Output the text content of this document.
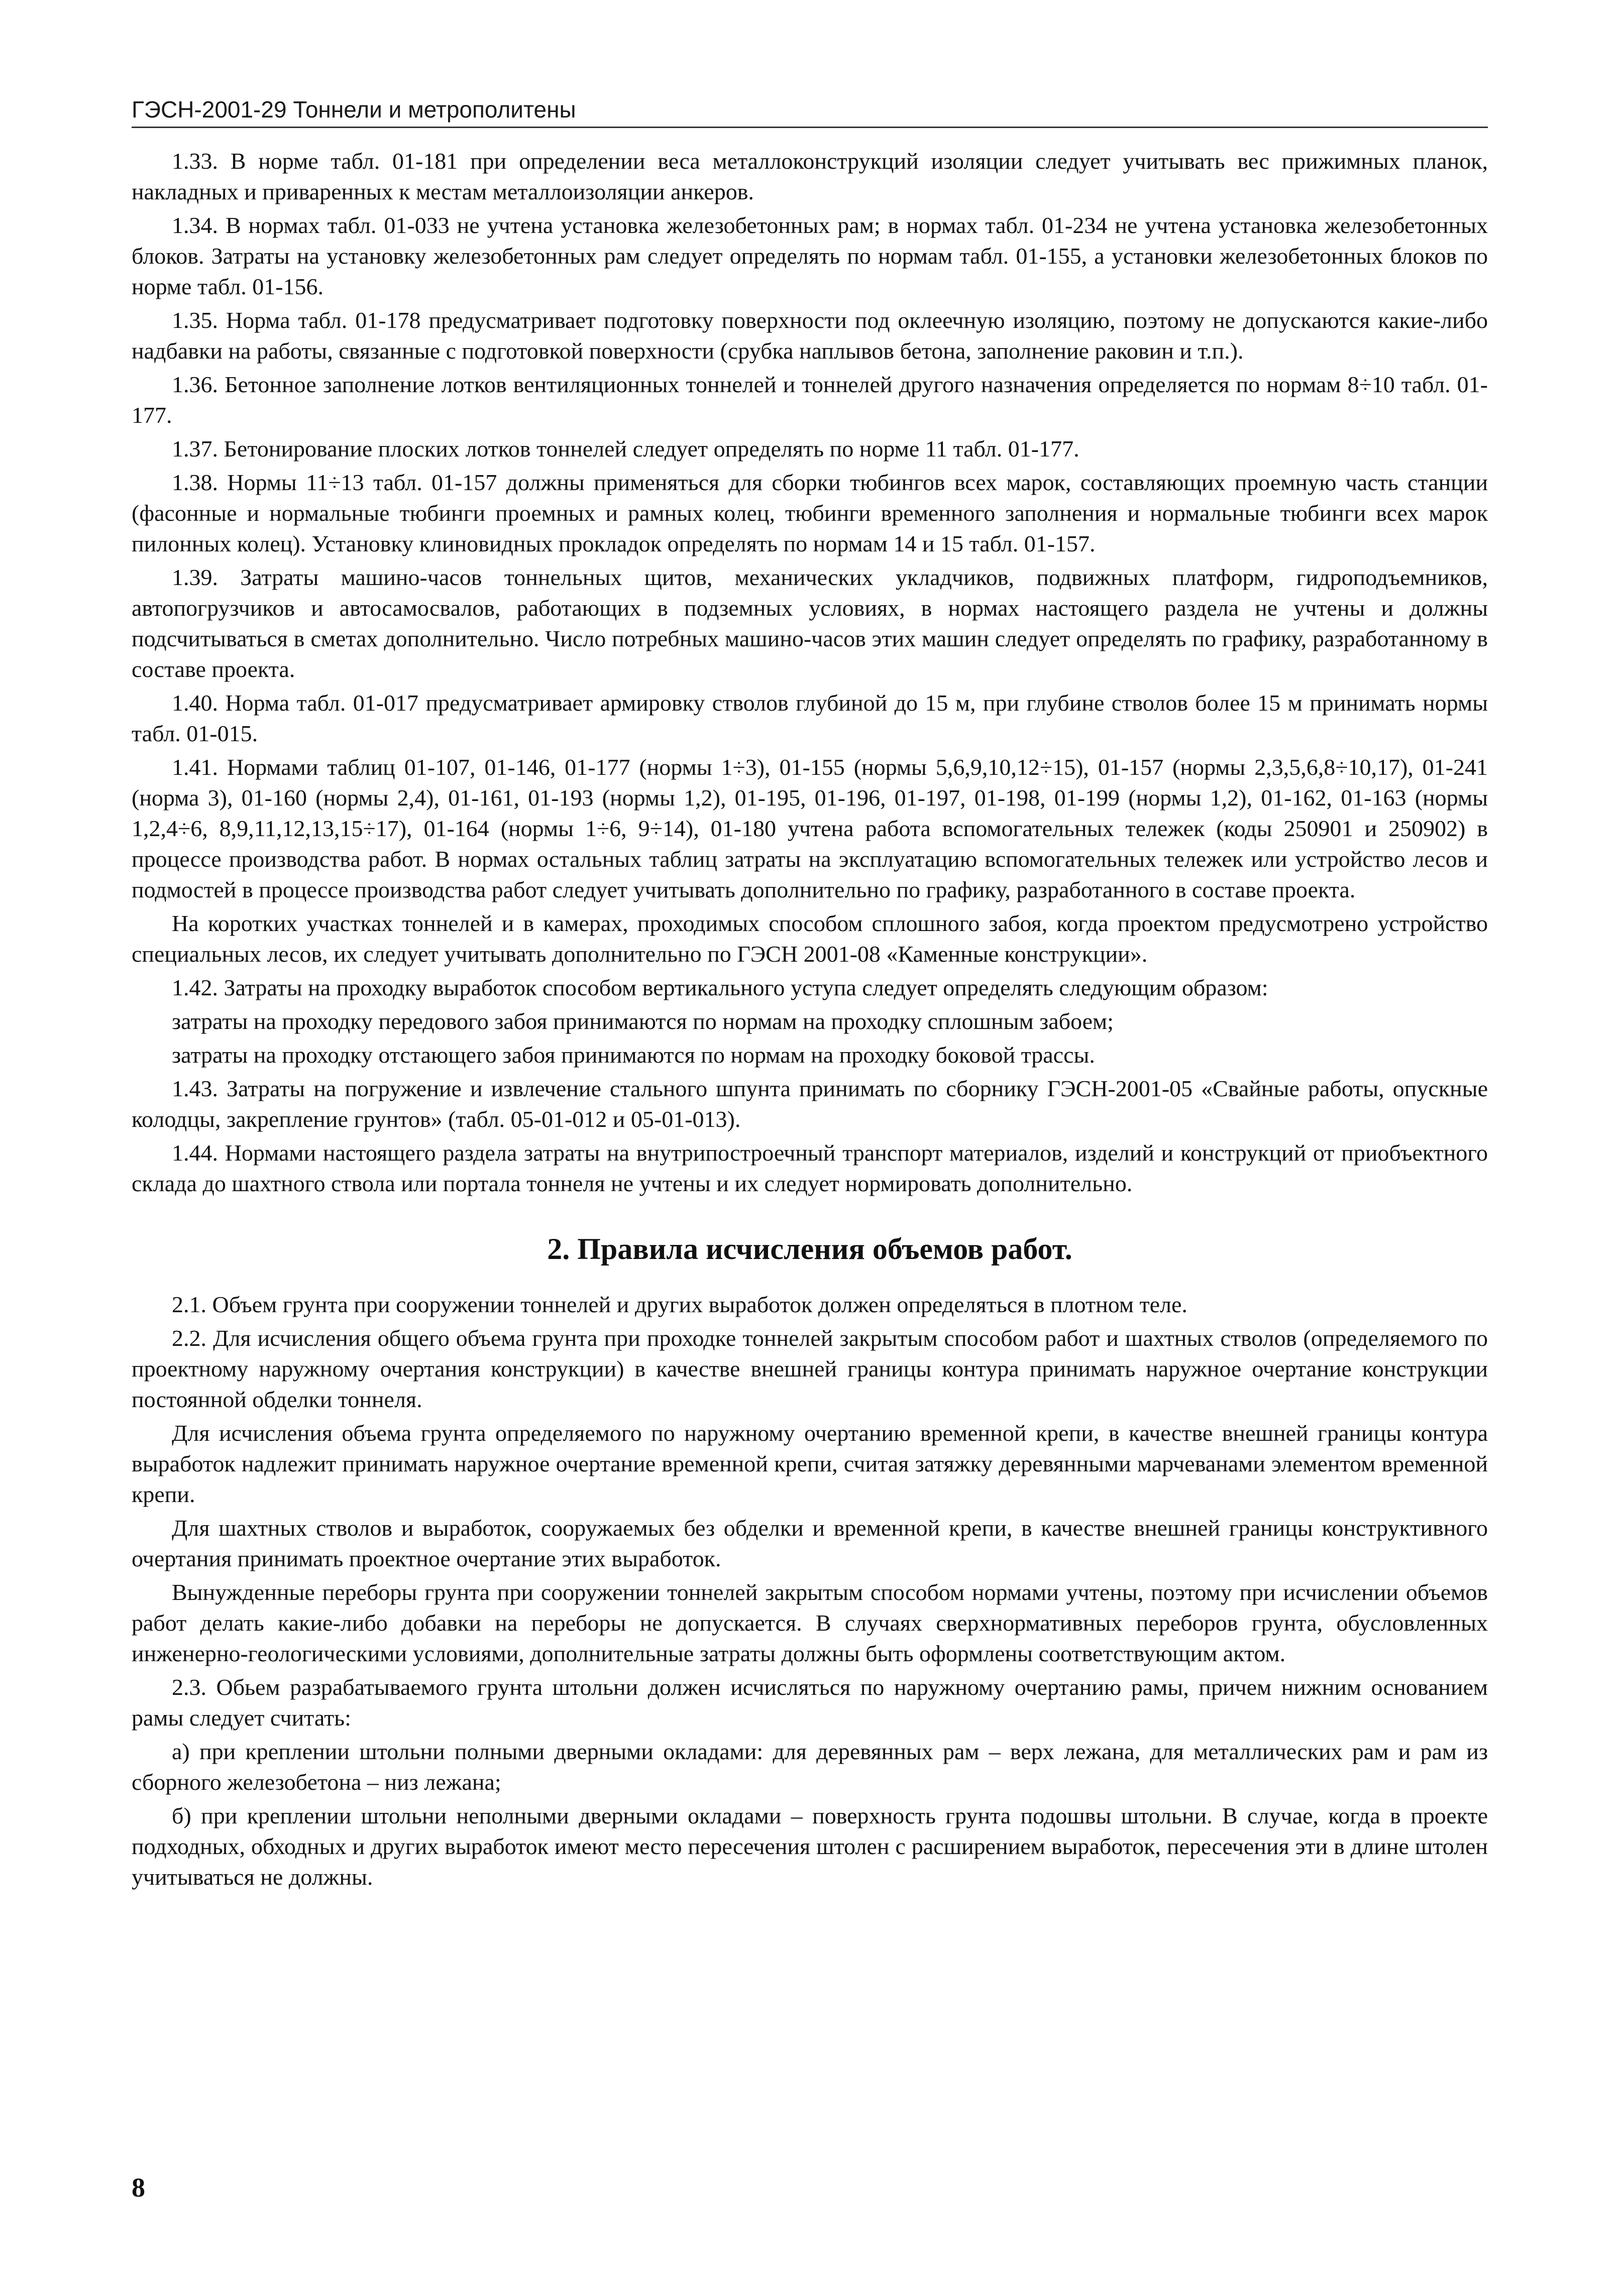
ГЭСН-2001-29 Тоннели и метрополитены

1.33. В норме табл. 01-181 при определении веса металлоконструкций изоляции следует учитывать вес прижимных планок, накладных и приваренных к местам металлоизоляции анкеров.

1.34. В нормах табл. 01-033 не учтена установка железобетонных рам; в нормах табл. 01-234 не учтена установка железобетонных блоков. Затраты на установку железобетонных рам следует определять по нормам табл. 01-155, а установки железобетонных блоков по норме табл. 01-156.

1.35. Норма табл. 01-178 предусматривает подготовку поверхности под оклеечную изоляцию, поэтому не допускаются какие-либо надбавки на работы, связанные с подготовкой поверхности (срубка наплывов бетона, заполнение раковин и т.п.).

1.36. Бетонное заполнение лотков вентиляционных тоннелей и тоннелей другого назначения определяется по нормам 8÷10 табл. 01-177.

1.37. Бетонирование плоских лотков тоннелей следует определять по норме 11 табл. 01-177.

1.38. Нормы 11÷13 табл. 01-157 должны применяться для сборки тюбингов всех марок, составляющих проемную часть станции (фасонные и нормальные тюбинги проемных и рамных колец, тюбинги временного заполнения и нормальные тюбинги всех марок пилонных колец). Установку клиновидных прокладок определять по нормам 14 и 15 табл. 01-157.

1.39. Затраты машино-часов тоннельных щитов, механических укладчиков, подвижных платформ, гидроподъемников, автопогрузчиков и автосамосвалов, работающих в подземных условиях, в нормах настоящего раздела не учтены и должны подсчитываться в сметах дополнительно. Число потребных машино-часов этих машин следует определять по графику, разработанному в составе проекта.

1.40. Норма табл. 01-017 предусматривает армировку стволов глубиной до 15 м, при глубине стволов более 15 м принимать нормы табл. 01-015.

1.41. Нормами таблиц 01-107, 01-146, 01-177 (нормы 1÷3), 01-155 (нормы 5,6,9,10,12÷15), 01-157 (нормы 2,3,5,6,8÷10,17), 01-241 (норма 3), 01-160 (нормы 2,4), 01-161, 01-193 (нормы 1,2), 01-195, 01-196, 01-197, 01-198, 01-199 (нормы 1,2), 01-162, 01-163 (нормы 1,2,4÷6, 8,9,11,12,13,15÷17), 01-164 (нормы 1÷6, 9÷14), 01-180 учтена работа вспомогательных тележек (коды 250901 и 250902) в процессе производства работ. В нормах остальных таблиц затраты на эксплуатацию вспомогательных тележек или устройство лесов и подмостей в процессе производства работ следует учитывать дополнительно по графику, разработанного в составе проекта.

На коротких участках тоннелей и в камерах, проходимых способом сплошного забоя, когда проектом предусмотрено устройство специальных лесов, их следует учитывать дополнительно по ГЭСН 2001-08 «Каменные конструкции».

1.42. Затраты на проходку выработок способом вертикального уступа следует определять следующим образом:

затраты на проходку передового забоя принимаются по нормам на проходку сплошным забоем;

затраты на проходку отстающего забоя принимаются по нормам на проходку боковой трассы.

1.43. Затраты на погружение и извлечение стального шпунта принимать по сборнику ГЭСН-2001-05 «Свайные работы, опускные колодцы, закрепление грунтов» (табл. 05-01-012 и 05-01-013).

1.44. Нормами настоящего раздела затраты на внутрипостроечный транспорт материалов, изделий и конструкций от приобъектного склада до шахтного ствола или портала тоннеля не учтены и их следует нормировать дополнительно.

2. Правила исчисления объемов работ.

2.1. Объем грунта при сооружении тоннелей и других выработок должен определяться в плотном теле.

2.2. Для исчисления общего объема грунта при проходке тоннелей закрытым способом работ и шахтных стволов (определяемого по проектному наружному очертания конструкции) в качестве внешней границы контура принимать наружное очертание конструкции постоянной обделки тоннеля.

Для исчисления объема грунта определяемого по наружному очертанию временной крепи, в качестве внешней границы контура выработок надлежит принимать наружное очертание временной крепи, считая затяжку деревянными марчеванами элементом временной крепи.

Для шахтных стволов и выработок, сооружаемых без обделки и временной крепи, в качестве внешней границы конструктивного очертания принимать проектное очертание этих выработок.

Вынужденные переборы грунта при сооружении тоннелей закрытым способом нормами учтены, поэтому при исчислении объемов работ делать какие-либо добавки на переборы не допускается. В случаях сверхнормативных переборов грунта, обусловленных инженерно-геологическими условиями, дополнительные затраты должны быть оформлены соответствующим актом.

2.3. Обьем разрабатываемого грунта штольни должен исчисляться по наружному очертанию рамы, причем нижним основанием рамы следует считать:

а) при креплении штольни полными дверными окладами: для деревянных рам – верх лежана, для металлических рам и рам из сборного железобетона – низ лежана;

б) при креплении штольни неполными дверными окладами – поверхность грунта подошвы штольни. В случае, когда в проекте подходных, обходных и других выработок имеют место пересечения штолен с расширением выработок, пересечения эти в длине штолен учитываться не должны.

8
